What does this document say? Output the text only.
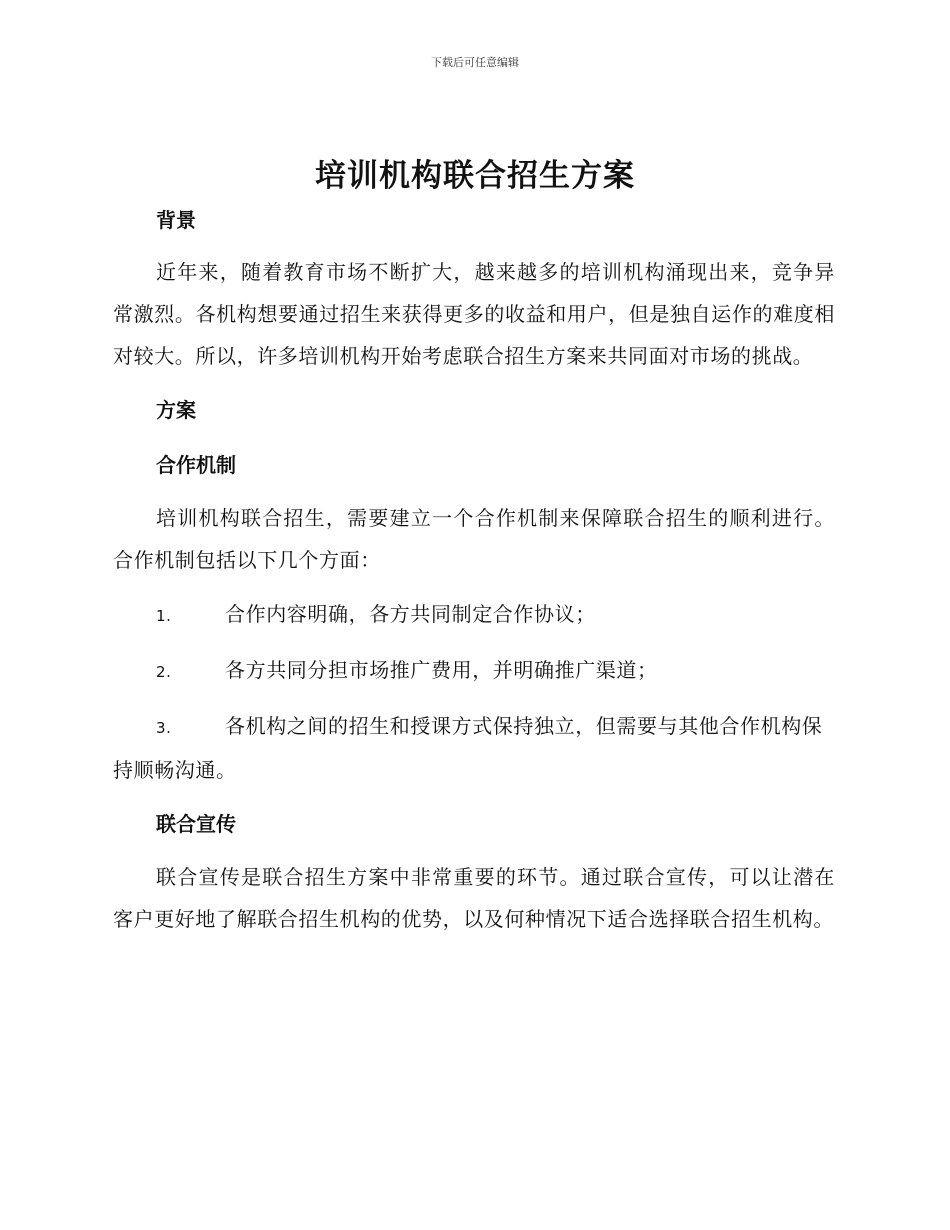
下载后可任意编辑
培训机构联合招生方案

背景

近年来，随着教育市场不断扩大，越来越多的培训机构涌现出来，竞争异常激烈。各机构想要通过招生来获得更多的收益和用户，但是独自运作的难度相对较大。所以，许多培训机构开始考虑联合招生方案来共同面对市场的挑战。

方案

合作机制

培训机构联合招生，需要建立一个合作机制来保障联合招生的顺利进行。合作机制包括以下几个方面：

1.	合作内容明确，各方共同制定合作协议；

2.	各方共同分担市场推广费用，并明确推广渠道；

3.	各机构之间的招生和授课方式保持独立，但需要与其他合作机构保持顺畅沟通。

联合宣传

联合宣传是联合招生方案中非常重要的环节。通过联合宣传，可以让潜在客户更好地了解联合招生机构的优势，以及何种情况下适合选择联合招生机构。
